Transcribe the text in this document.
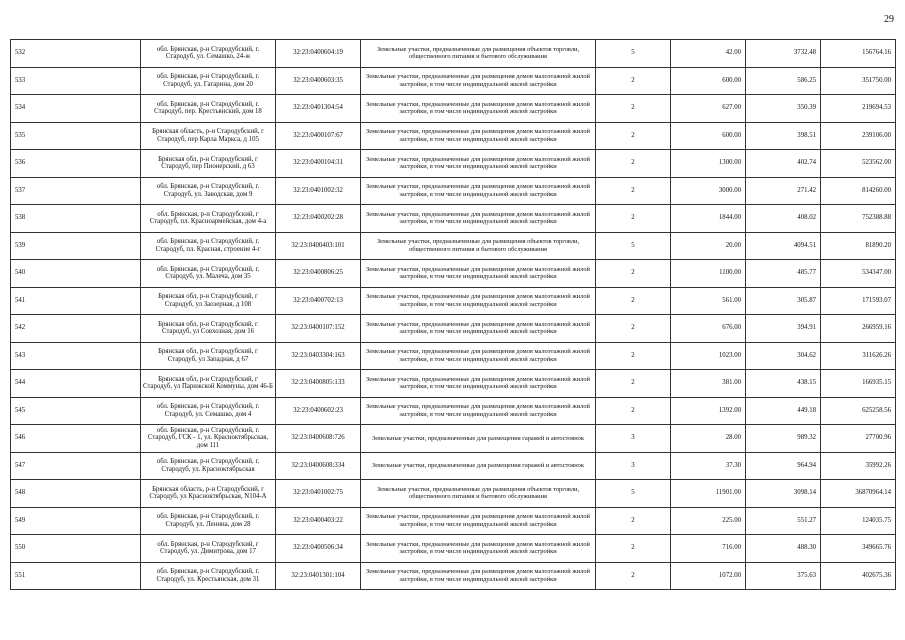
29
532	обл. Брянская, р-н Стародубский, г. Стародуб, ул. Семашко, 24-ж	32:23:0400604:19	Земельные участки, предназначенные для размещения объектов торговли, общественного питания и бытового обслуживания	5	42.00	3732.48	156764.16
533	обл. Брянская, р-н Стародубский, г. Стародуб, ул. Гагарина, дом 20	32:23:0400603:35	Земельные участки, предназначенные для размещения домов малоэтажной жилой застройки, в том числе индивидуальной жилой застройки	2	600.00	586.25	351750.00
534	обл. Брянская, р-н Стародубский, г. Стародуб, пер. Крестьянский, дом 18	32:23:0401304:54	Земельные участки, предназначенные для размещения домов малоэтажной жилой застройки, в том числе индивидуальной жилой застройки	2	627.00	350.39	219694.53
535	Брянская область, р-н Стародубский, г Стародуб, пер Карла Маркса, д 105	32:23:0400107:67	Земельные участки, предназначенные для размещения домов малоэтажной жилой застройки, в том числе индивидуальной жилой застройки	2	600.00	398.51	239106.00
536	Брянская обл, р-н Стародубский, г Стародуб, пер Пионерский, д 63	32:23:0400104:31	Земельные участки, предназначенные для размещения домов малоэтажной жилой застройки, в том числе индивидуальной жилой застройки	2	1300.00	402.74	523562.00
537	обл. Брянская, р-н Стародубский, г. Стародуб, ул. Заводская, дом 9	32:23:0401002:32	Земельные участки, предназначенные для размещения домов малоэтажной жилой застройки, в том числе индивидуальной жилой застройки	2	3000.00	271.42	814260.00
538	обл. Брянская, р-н Стародубский, г Стародуб, пл. Красноармейская, дом 4-а	32:23:0400202:28	Земельные участки, предназначенные для размещения домов малоэтажной жилой застройки, в том числе индивидуальной жилой застройки	2	1844.00	408.02	752388.88
539	обл. Брянская, р-н Стародубский, г. Стародуб, пл. Красная, строение 4-г	32:23:0400403:101	Земельные участки, предназначенные для размещения объектов торговли, общественного питания и бытового обслуживания	5	20.00	4094.51	81890.20
540	обл. Брянская, р-н Стародубский, г. Стародуб, ул. Малеча, дом 35	32:23:0400806:25	Земельные участки, предназначенные для размещения домов малоэтажной жилой застройки, в том числе индивидуальной жилой застройки	2	1100.00	485.77	534347.00
541	Брянская обл, р-н Стародубский, г Стародуб, ул Заозерная, д 108	32:23:0400702:13	Земельные участки, предназначенные для размещения домов малоэтажной жилой застройки, в том числе индивидуальной жилой застройки	2	561.00	305.87	171593.07
542	Брянская обл, р-н Стародубский, г Стародуб, ул Совхозная, дом 16	32:23:0400107:152	Земельные участки, предназначенные для размещения домов малоэтажной жилой застройки, в том числе индивидуальной жилой застройки	2	676.00	394.91	266959.16
543	Брянская обл, р-н Стародубский, г Стародуб, ул Западная, д 67	32:23:0403304:163	Земельные участки, предназначенные для размещения домов малоэтажной жилой застройки, в том числе индивидуальной жилой застройки	2	1023.00	304.62	311626.26
544	Брянская обл, р-н Стародубский, г Стародуб, ул Парижской Коммуны, дом 46-Б	32:23:0400805:133	Земельные участки, предназначенные для размещения домов малоэтажной жилой застройки, в том числе индивидуальной жилой застройки	2	381.00	438.15	166935.15
545	обл. Брянская, р-н Стародубский, г. Стародуб, ул. Семашко, дом 4	32:23:0400602:23	Земельные участки, предназначенные для размещения домов малоэтажной жилой застройки, в том числе индивидуальной жилой застройки	2	1392.00	449.18	625258.56
546	обл. Брянская, р-н Стародубский, г. Стародуб, ГСК - 1, ул. Красноктябрьская, дом 111	32:23:0400608:726	Земельные участки, предназначенные для размещения гаражей и автостоянок	3	28.00	989.32	27700.96
547	обл. Брянская, р-н Стародубский, г. Стародуб, ул. Красноктябрьская	32:23:0400608:334	Земельные участки, предназначенные для размещения гаражей и автостоянок	3	37.30	964.94	35992.26
548	Брянская область, р-н Стародубский, г Стародуб, ул Красноктябрьская, N104-А	32:23:0401002:75	Земельные участки, предназначенные для размещения объектов торговли, общественного питания и бытового обслуживания	5	11901.00	3098.14	36870964.14
549	обл. Брянская, р-н Стародубский, г. Стародуб, ул. Ленина, дом 28	32:23:0400403:22	Земельные участки, предназначенные для размещения домов малоэтажной жилой застройки, в том числе индивидуальной жилой застройки	2	225.00	551.27	124035.75
550	обл. Брянская, р-н Стародубский, г Стародуб, ул. Димитрова, дом 17	32:23:0400506:34	Земельные участки, предназначенные для размещения домов малоэтажной жилой застройки, в том числе индивидуальной жилой застройки	2	716.00	488.30	349665.76
551	обл. Брянская, р-н Стародубский, г. Стародуб, ул. Крестьянская, дом 31	32:23:0401301:104	Земельные участки, предназначенные для размещения домов малоэтажной жилой застройки, в том числе индивидуальной жилой застройки	2	1072.00	375.63	402675.36
